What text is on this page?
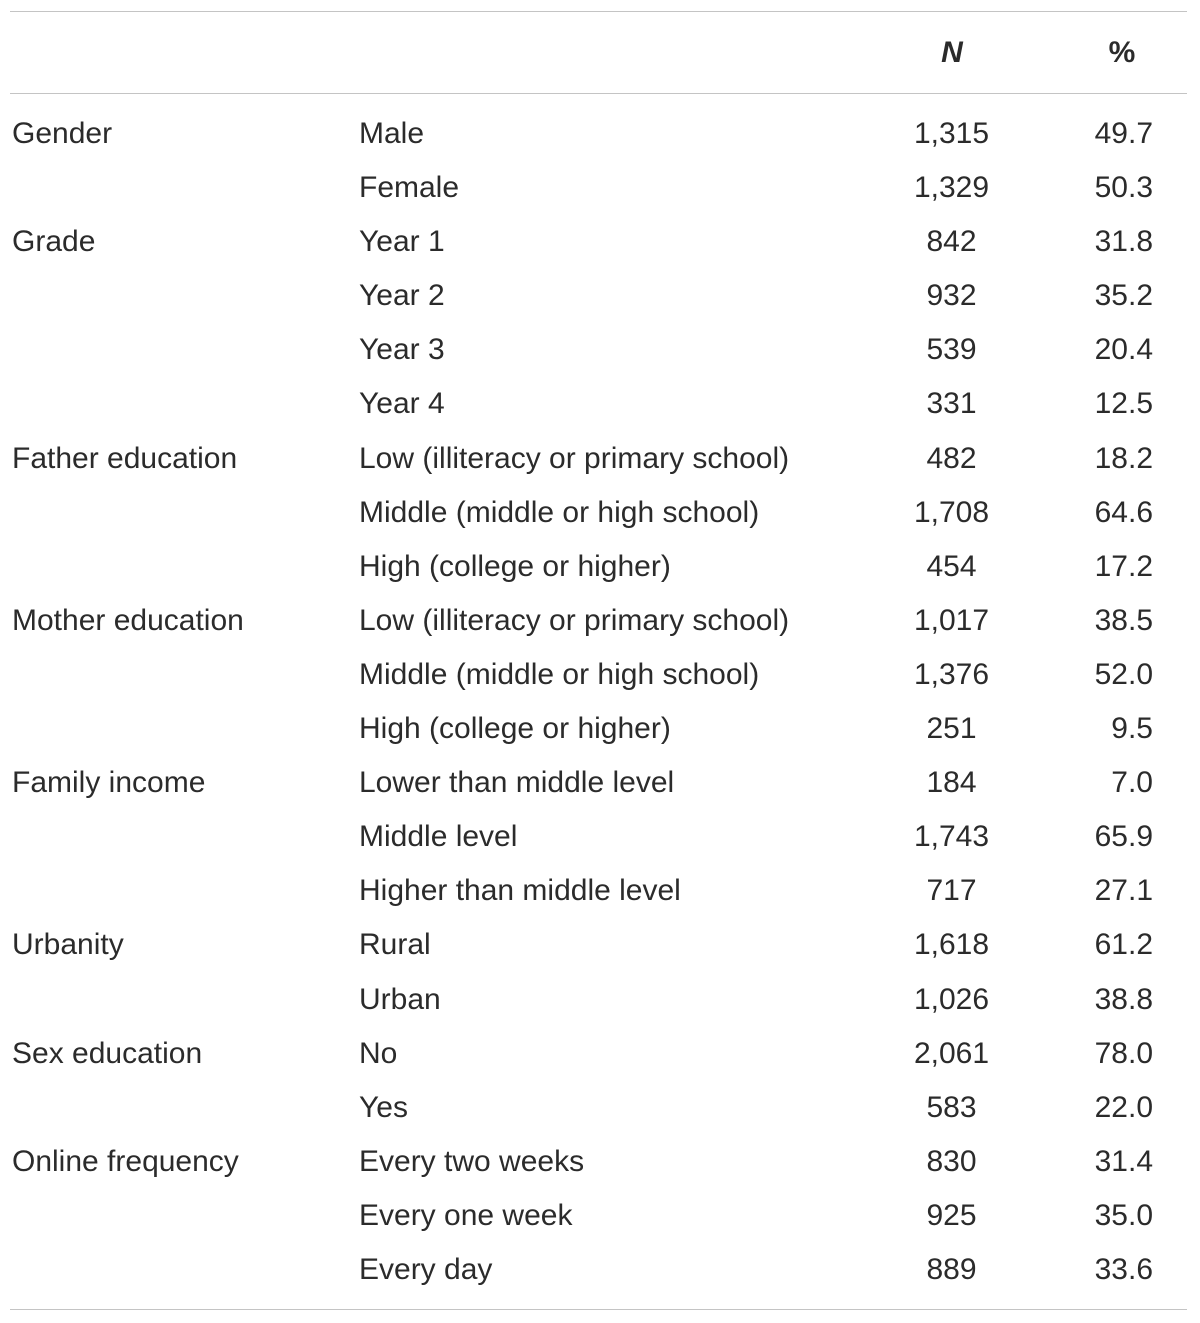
N	%
Gender	Male	1,315	49.7
Female	1,329	50.3
Grade	Year 1	842	31.8
Year 2	932	35.2
Year 3	539	20.4
Year 4	331	12.5
Father education	Low (illiteracy or primary school)	482	18.2
Middle (middle or high school)	1,708	64.6
High (college or higher)	454	17.2
Mother education	Low (illiteracy or primary school)	1,017	38.5
Middle (middle or high school)	1,376	52.0
High (college or higher)	251	9.5
Family income	Lower than middle level	184	7.0
Middle level	1,743	65.9
Higher than middle level	717	27.1
Urbanity	Rural	1,618	61.2
Urban	1,026	38.8
Sex education	No	2,061	78.0
Yes	583	22.0
Online frequency	Every two weeks	830	31.4
Every one week	925	35.0
Every day	889	33.6
